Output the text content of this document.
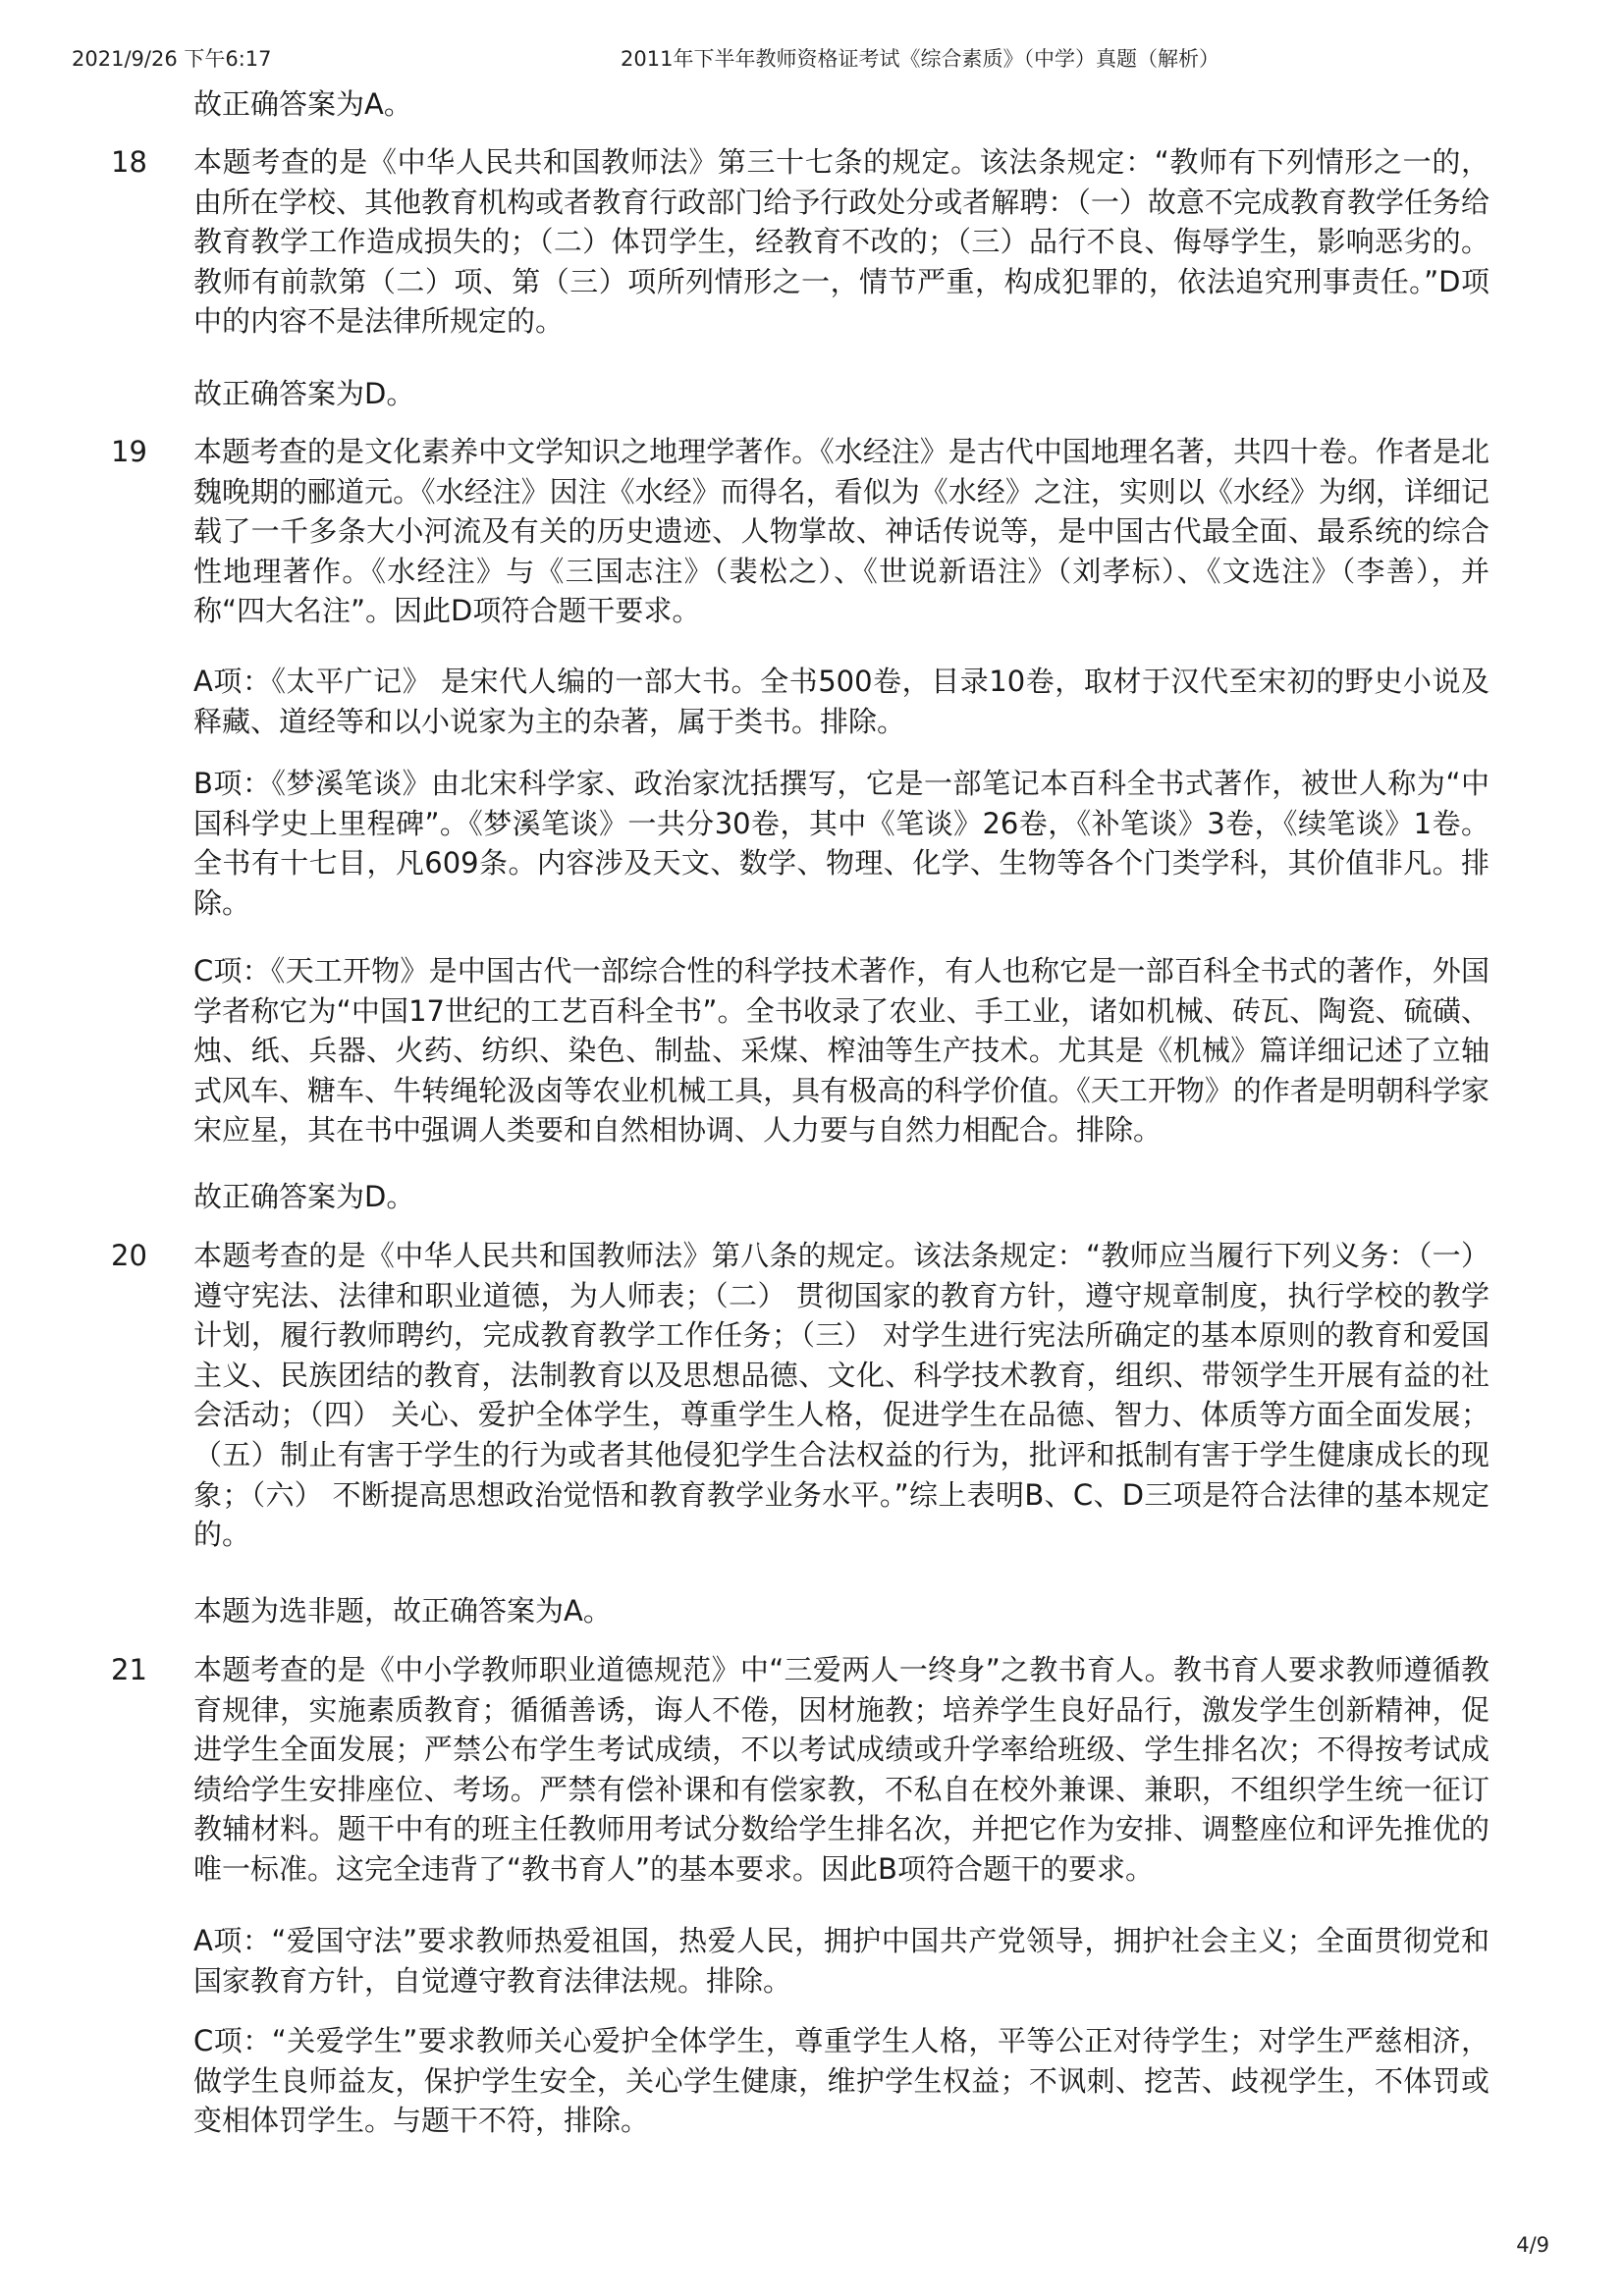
2021/9/26 下午6:17	2011年下半年教师资格证考试《综合素质》（中学）真题（解析）

故正确答案为A。

18 本题考查的是《中华人民共和国教师法》第三十七条的规定。该法条规定：“教师有下列情形之一的，由所在学校、其他教育机构或者教育行政部门给予行政处分或者解聘：（一）故意不完成教育教学任务给教育教学工作造成损失的；（二）体罚学生，经教育不改的；（三）品行不良、侮辱学生，影响恶劣的。教师有前款第（二）项、第（三）项所列情形之一，情节严重，构成犯罪的，依法追究刑事责任。”D项中的内容不是法律所规定的。

故正确答案为D。

19 本题考查的是文化素养中文学知识之地理学著作。《水经注》是古代中国地理名著，共四十卷。作者是北魏晚期的郦道元。《水经注》因注《水经》而得名，看似为《水经》之注，实则以《水经》为纲，详细记载了一千多条大小河流及有关的历史遗迹、人物掌故、神话传说等，是中国古代最全面、最系统的综合性地理著作。《水经注》与《三国志注》（裴松之）、《世说新语注》（刘孝标）、《文选注》（李善），并称“四大名注”。因此D项符合题干要求。

A项：《太平广记》 是宋代人编的一部大书。全书500卷，目录10卷，取材于汉代至宋初的野史小说及释藏、道经等和以小说家为主的杂著，属于类书。排除。

B项：《梦溪笔谈》由北宋科学家、政治家沈括撰写，它是一部笔记本百科全书式著作，被世人称为“中国科学史上里程碑”。《梦溪笔谈》一共分30卷，其中《笔谈》26卷，《补笔谈》3卷，《续笔谈》1卷。全书有十七目，凡609条。内容涉及天文、数学、物理、化学、生物等各个门类学科，其价值非凡。排除。

C项：《天工开物》是中国古代一部综合性的科学技术著作，有人也称它是一部百科全书式的著作，外国学者称它为“中国17世纪的工艺百科全书”。全书收录了农业、手工业，诸如机械、砖瓦、陶瓷、硫磺、烛、纸、兵器、火药、纺织、染色、制盐、采煤、榨油等生产技术。尤其是《机械》篇详细记述了立轴式风车、糖车、牛转绳轮汲卤等农业机械工具，具有极高的科学价值。《天工开物》的作者是明朝科学家宋应星，其在书中强调人类要和自然相协调、人力要与自然力相配合。排除。

故正确答案为D。

20 本题考查的是《中华人民共和国教师法》第八条的规定。该法条规定：“教师应当履行下列义务：（一） 遵守宪法、法律和职业道德，为人师表；（二） 贯彻国家的教育方针，遵守规章制度，执行学校的教学计划，履行教师聘约，完成教育教学工作任务；（三） 对学生进行宪法所确定的基本原则的教育和爱国主义、民族团结的教育，法制教育以及思想品德、文化、科学技术教育，组织、带领学生开展有益的社会活动；（四） 关心、爱护全体学生，尊重学生人格，促进学生在品德、智力、体质等方面全面发展；（五）制止有害于学生的行为或者其他侵犯学生合法权益的行为，批评和抵制有害于学生健康成长的现象；（六） 不断提高思想政治觉悟和教育教学业务水平。”综上表明B、C、D三项是符合法律的基本规定的。

本题为选非题，故正确答案为A。

21 本题考查的是《中小学教师职业道德规范》中“三爱两人一终身”之教书育人。教书育人要求教师遵循教育规律，实施素质教育；循循善诱，诲人不倦，因材施教；培养学生良好品行，激发学生创新精神，促进学生全面发展；严禁公布学生考试成绩，不以考试成绩或升学率给班级、学生排名次；不得按考试成绩给学生安排座位、考场。严禁有偿补课和有偿家教，不私自在校外兼课、兼职，不组织学生统一征订教辅材料。题干中有的班主任教师用考试分数给学生排名次，并把它作为安排、调整座位和评先推优的唯一标准。这完全违背了“教书育人”的基本要求。因此B项符合题干的要求。

A项：“爱国守法”要求教师热爱祖国，热爱人民，拥护中国共产党领导，拥护社会主义；全面贯彻党和国家教育方针，自觉遵守教育法律法规。排除。

C项：“关爱学生”要求教师关心爱护全体学生，尊重学生人格，平等公正对待学生；对学生严慈相济，做学生良师益友，保护学生安全，关心学生健康，维护学生权益；不讽刺、挖苦、歧视学生，不体罚或变相体罚学生。与题干不符，排除。

4/9
